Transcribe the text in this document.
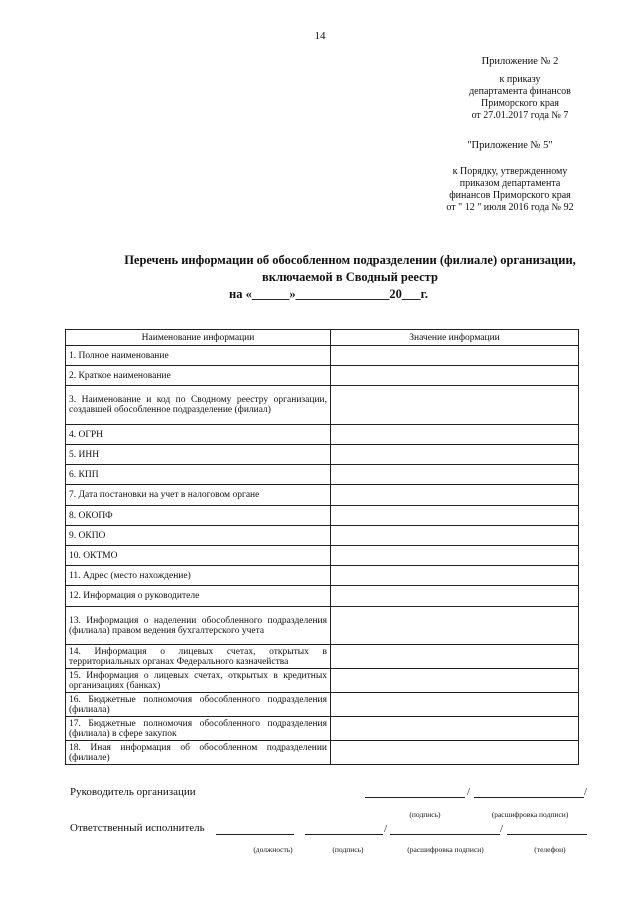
14
Приложение № 2
к приказу
департамента финансов
Приморского края
от 27.01.2017 года № 7
"Приложение № 5"
к Порядку, утвержденному
приказом департамента
финансов Приморского края
от " 12 " июля 2016 года № 92
Перечень информации об обособленном подразделении (филиале) организации,
включаемой в Сводный реестр
на «______»_______________20___г.
Наименование информации	Значение информации
1. Полное наименование	
2. Краткое наименование	
3. Наименование и код по Сводному реестру организации, создавшей обособленное подразделение (филиал)	
4. ОГРН	
5. ИНН	
6. КПП	
7. Дата постановки на учет в налоговом органе	
8. ОКОПФ	
9. ОКПО	
10. ОКТМО	
11. Адрес (место нахождение)	
12. Информация о руководителе	
13. Информация о наделении обособленного подразделения (филиала) правом ведения бухгалтерского учета	
14. Информация о лицевых счетах, открытых в территориальных органах Федерального казначейства	
15. Информация о лицевых счетах, открытых в кредитных организациях (банках)	
16. Бюджетные полномочия обособленного подразделения (филиала)	
17. Бюджетные полномочия обособленного подразделения (филиала) в сфере закупок	
18. Иная информация об обособленном подразделении (филиале)	
Руководитель организации	/	/
(подпись)	(расшифровка подписи)
Ответственный исполнитель	/	/
(должность)	(подпись)	(расшифровка подписи)	(телефон)
